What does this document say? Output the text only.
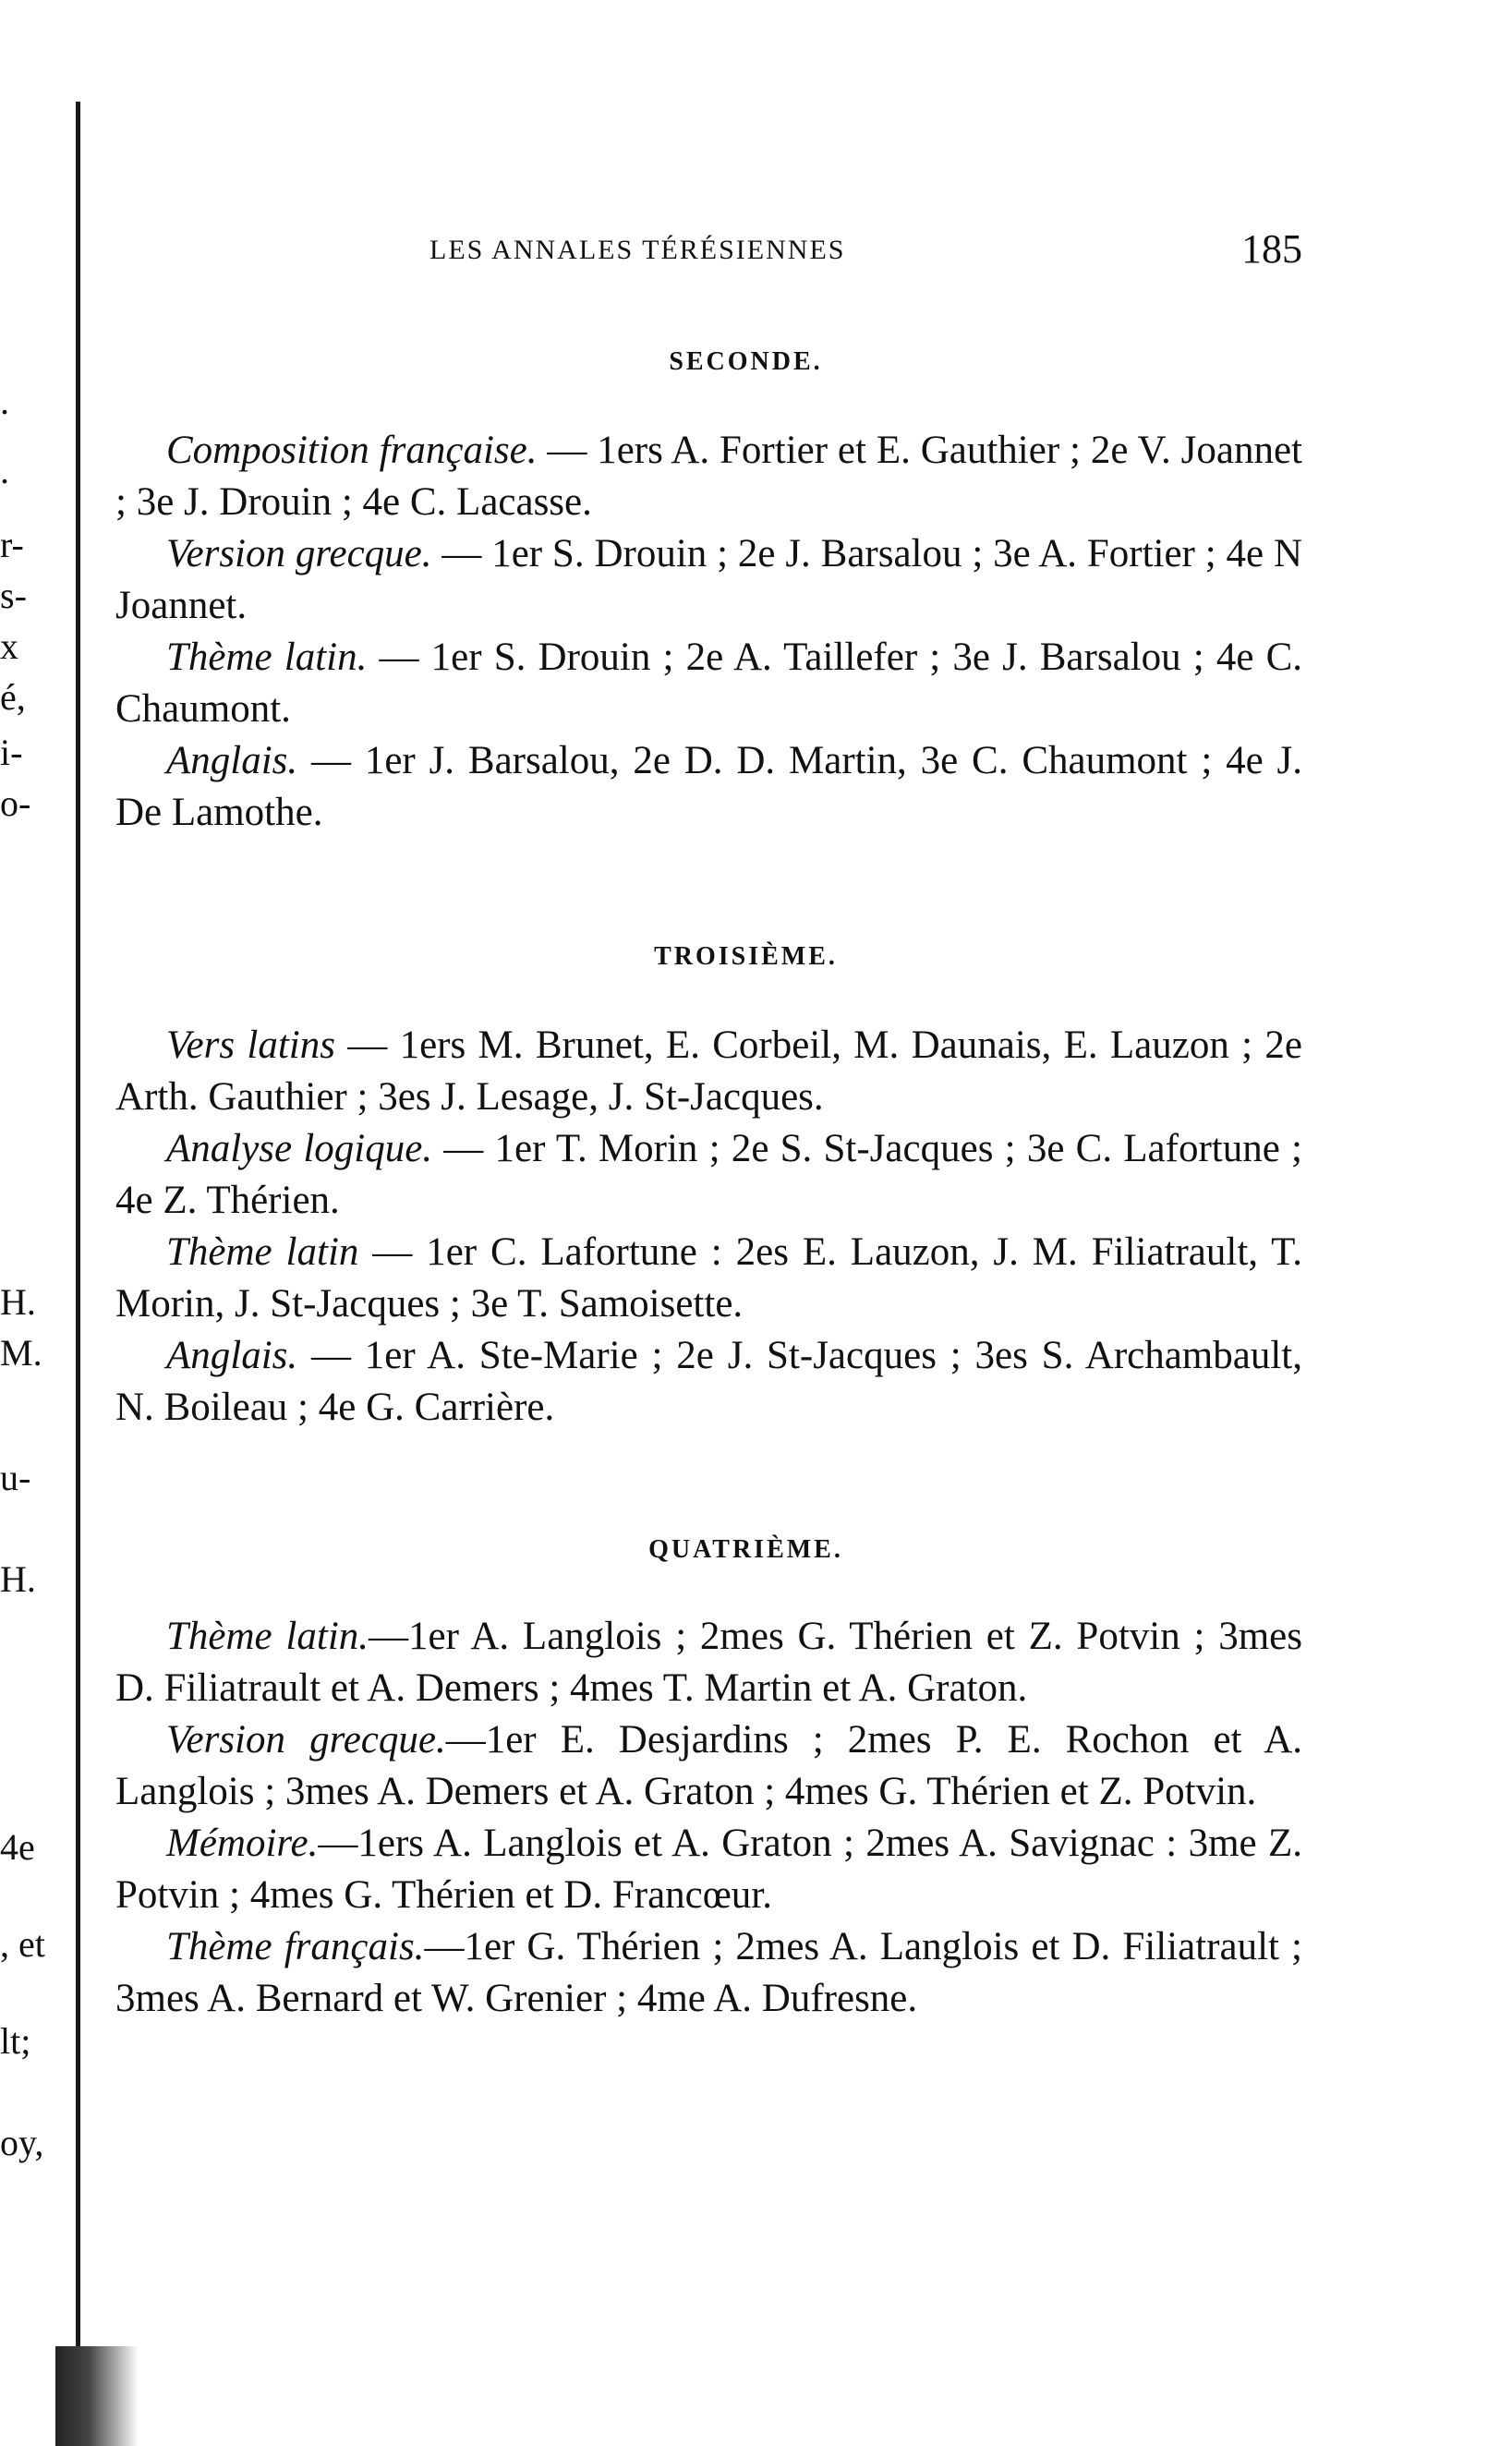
.
.
r-
s-
x
é,
i-
o-
H.
M.
u-
H.
4e
, et
lt;
oy,
LES ANNALES TÉRÉSIENNES	185
SECONDE.

Composition française. — 1ers A. Fortier et E. Gauthier ; 2e V. Joannet ; 3e J. Drouin ; 4e C. Lacasse.

Version grecque. — 1er S. Drouin ; 2e J. Barsalou ; 3e A. Fortier ; 4e N Joannet.

Thème latin. — 1er S. Drouin ; 2e A. Taillefer ; 3e J. Barsalou ; 4e C. Chaumont.

Anglais. — 1er J. Barsalou, 2e D. D. Martin, 3e C. Chaumont ; 4e J. De Lamothe.

TROISIÈME.

Vers latins — 1ers M. Brunet, E. Corbeil, M. Daunais, E. Lauzon ; 2e Arth. Gauthier ; 3es J. Lesage, J. St-Jacques.

Analyse logique. — 1er T. Morin ; 2e S. St-Jacques ; 3e C. Lafortune ; 4e Z. Thérien.

Thème latin — 1er C. Lafortune : 2es E. Lauzon, J. M. Filiatrault, T. Morin, J. St-Jacques ; 3e T. Samoisette.

Anglais. — 1er A. Ste-Marie ; 2e J. St-Jacques ; 3es S. Archambault, N. Boileau ; 4e G. Carrière.

QUATRIÈME.

Thème latin.—1er A. Langlois ; 2mes G. Thérien et Z. Potvin ; 3mes D. Filiatrault et A. Demers ; 4mes T. Martin et A. Graton.

Version grecque.—1er E. Desjardins ; 2mes P. E. Rochon et A. Langlois ; 3mes A. Demers et A. Graton ; 4mes G. Thérien et Z. Potvin.

Mémoire.—1ers A. Langlois et A. Graton ; 2mes A. Savignac : 3me Z. Potvin ; 4mes G. Thérien et D. Francœur.

Thème français.—1er G. Thérien ; 2mes A. Langlois et D. Filiatrault ; 3mes A. Bernard et W. Grenier ; 4me A. Dufresne.
